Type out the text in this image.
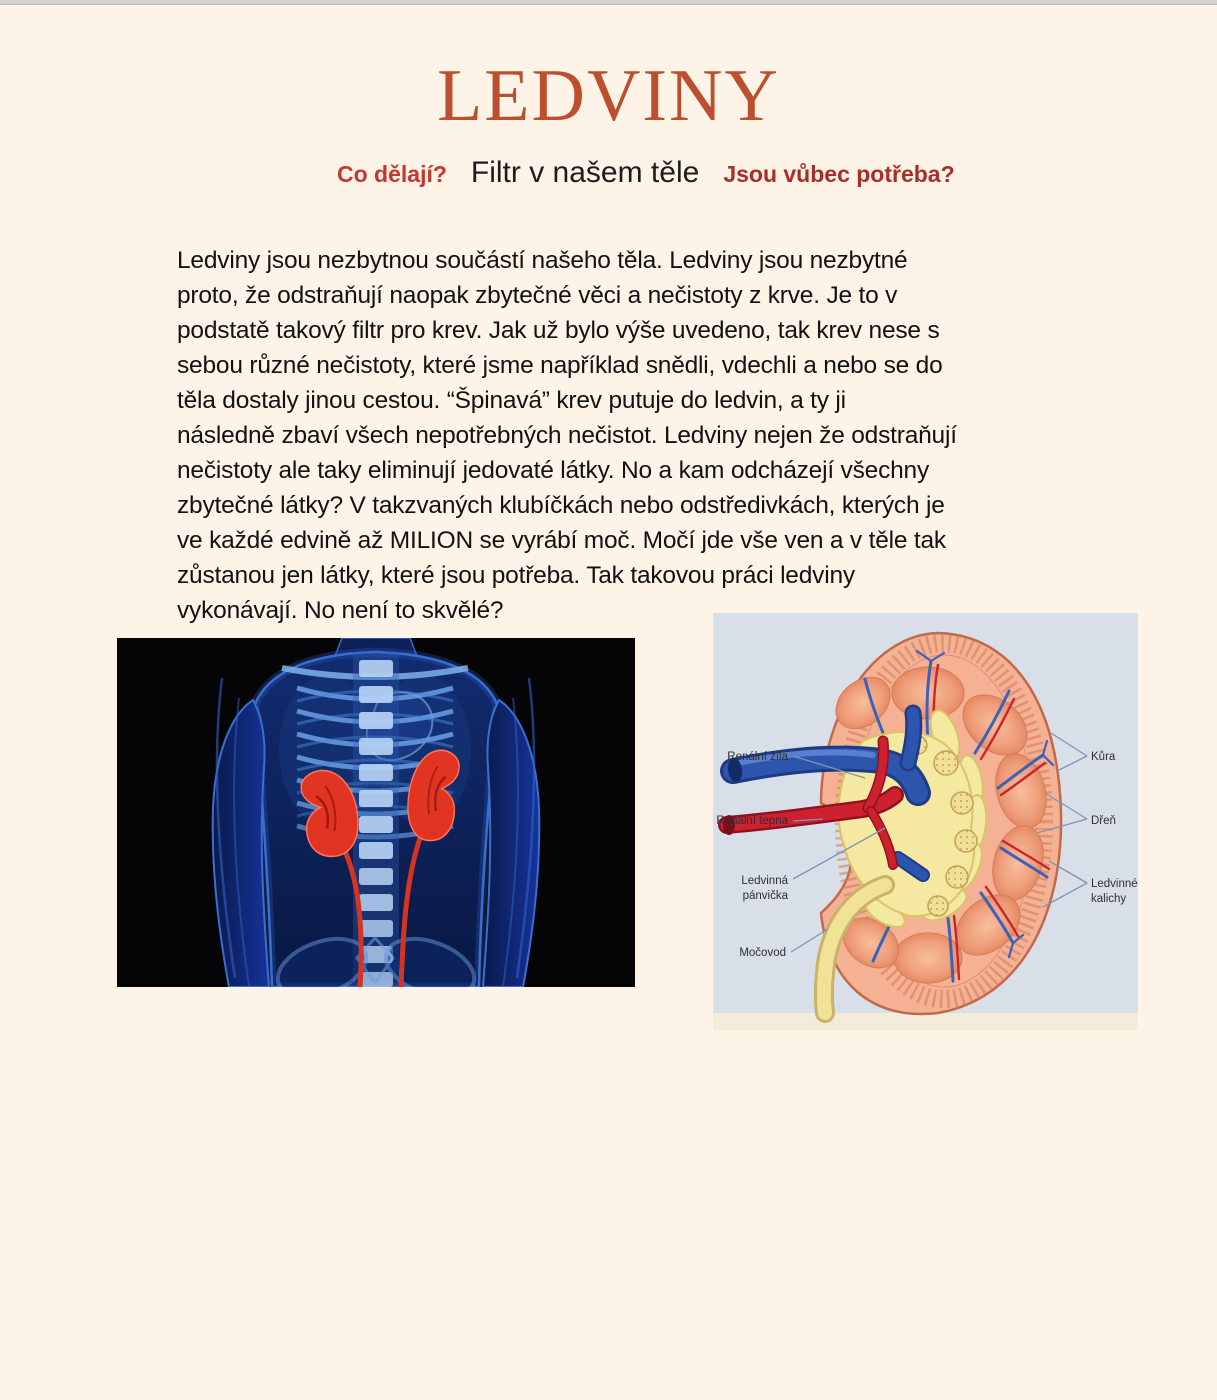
LEDVINY
Co dělají? Filtr v našem těle Jsou vůbec potřeba?
Ledviny jsou nezbytnou součástí našeho těla. Ledviny jsou nezbytné
proto, že odstraňují naopak zbytečné věci a nečistoty z krve. Je to v
podstatě takový filtr pro krev. Jak už bylo výše uvedeno, tak krev nese s
sebou různé nečistoty, které jsme například snědli, vdechli a nebo se do
těla dostaly jinou cestou. “Špinavá” krev putuje do ledvin, a ty ji
následně zbaví všech nepotřebných nečistot. Ledviny nejen že odstraňují
nečistoty ale taky eliminují jedovaté látky. No a kam odcházejí všechny
zbytečné látky? V takzvaných klubíčkách nebo odstředivkách, kterých je
ve každé edvině až MILION se vyrábí moč. Močí jde vše ven a v těle tak
zůstanou jen látky, které jsou potřeba. Tak takovou práci ledviny
vykonávají. No není to skvělé?
Renální žíla
Renální tepna
Ledvinná
pánvička
Močovod
Kůra
Dřeň
Ledvinné
kalichy
